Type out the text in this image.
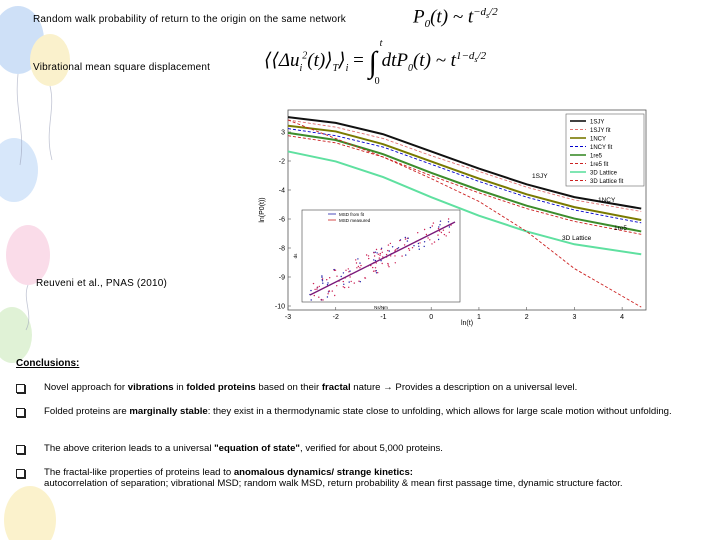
Random walk probability of return to the origin on the same network	$P_0(t)$ ~ $t^{-d_s/2}$
Vibrational mean square displacement	$⟨⟨\Delta u_i^2(t)⟩_T⟩_i$ = ∫
t
0
dtP$_0$(t) ~ $t^{1-d_s/2}$
3
-2
-4
-6
-8
-9
-10
-3	-2	-1	0	1	2	3	4
ln(P0(t))
ln(t)
1SJY
1NCY
1re5
3D Lattice
1SJY
1SJY fit
1NCY
1NCY fit
1re5
1re5 fit
3D Lattice
3D Lattice fit
MSD from fit
MSD measured
Ns/Nm
ds
Reuveni et al., PNAS (2010)
Conclusions:
Novel approach for vibrations in folded proteins based on their fractal nature → Provides a description on a universal level.
Folded proteins are marginally stable: they exist in a thermodynamic state close to unfolding, which allows for large scale motion without unfolding.
The above criterion leads to a universal "equation of state", verified for about 5,000 proteins.
The fractal-like properties of proteins lead to anomalous dynamics/ strange kinetics:
autocorrelation of separation; vibrational MSD; random walk MSD, return probability & mean first passage time, dynamic structure factor.
